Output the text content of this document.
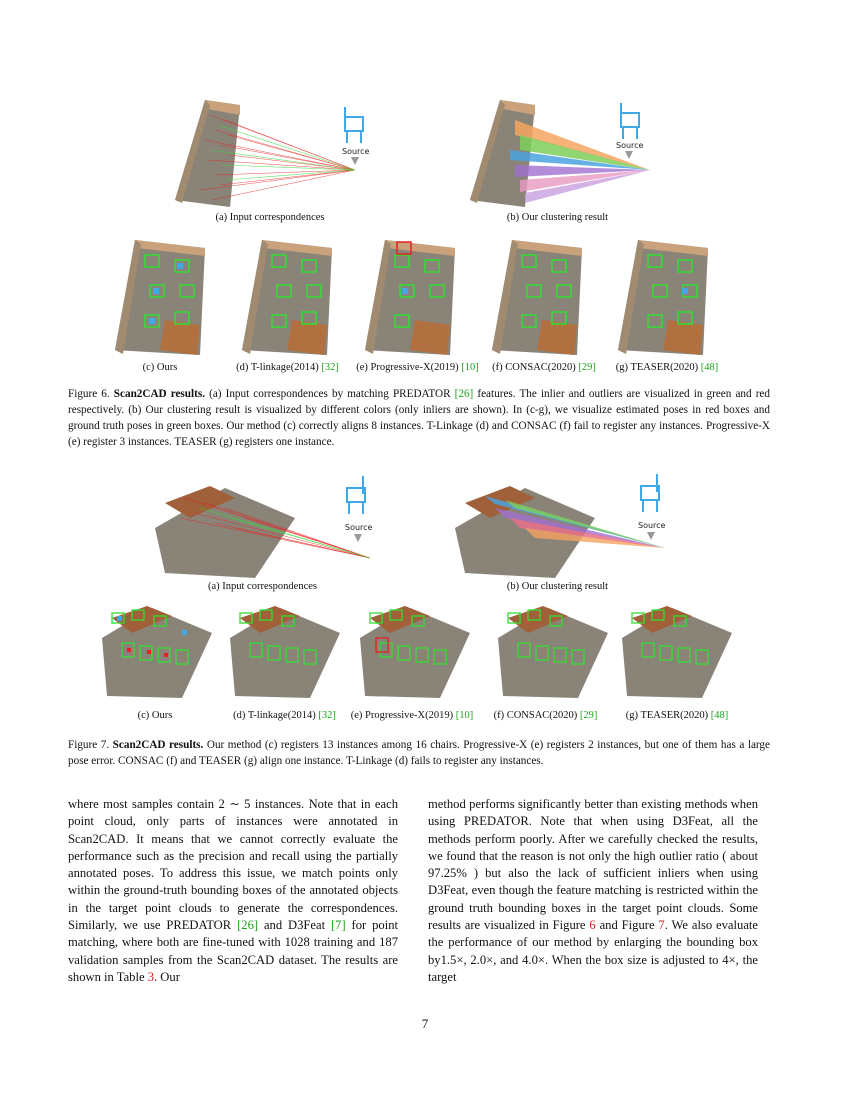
Source
(a) Input correspondences
Source
(b) Our clustering result
(c) Ours	(d) T-linkage(2014) [32]	(e) Progressive-X(2019) [10]	(f) CONSAC(2020) [29]	(g) TEASER(2020) [48]
Figure 6. Scan2CAD results. (a) Input correspondences by matching PREDATOR [26] features. The inlier and outliers are visualized in green and red respectively. (b) Our clustering result is visualized by different colors (only inliers are shown). In (c-g), we visualize estimated poses in red boxes and ground truth poses in green boxes. Our method (c) correctly aligns 8 instances. T-Linkage (d) and CONSAC (f) fail to register any instances. Progressive-X (e) register 3 instances. TEASER (g) registers one instance.
Source
(a) Input correspondences
Source
(b) Our clustering result
(c) Ours	(d) T-linkage(2014) [32]	(e) Progressive-X(2019) [10]	(f) CONSAC(2020) [29]	(g) TEASER(2020) [48]
Figure 7. Scan2CAD results. Our method (c) registers 13 instances among 16 chairs. Progressive-X (e) registers 2 instances, but one of them has a large pose error. CONSAC (f) and TEASER (g) align one instance. T-Linkage (d) fails to register any instances.

where most samples contain 2 ∼ 5 instances. Note that in each point cloud, only parts of instances were annotated in Scan2CAD. It means that we cannot correctly evaluate the performance such as the precision and recall using the partially annotated poses. To address this issue, we match points only within the ground-truth bounding boxes of the annotated objects in the target point clouds to generate the correspondences. Similarly, we use PREDATOR [26] and D3Feat [7] for point matching, where both are fine-tuned with 1028 training and 187 validation samples from the Scan2CAD dataset. The results are shown in Table 3. Our

method performs significantly better than existing methods when using PREDATOR. Note that when using D3Feat, all the methods perform poorly. After we carefully checked the results, we found that the reason is not only the high outlier ratio ( about 97.25% ) but also the lack of sufficient inliers when using D3Feat, even though the feature matching is restricted within the ground truth bounding boxes in the target point clouds. Some results are visualized in Figure 6 and Figure 7. We also evaluate the performance of our method by enlarging the bounding box by1.5×, 2.0×, and 4.0×. When the box size is adjusted to 4×, the target

7
